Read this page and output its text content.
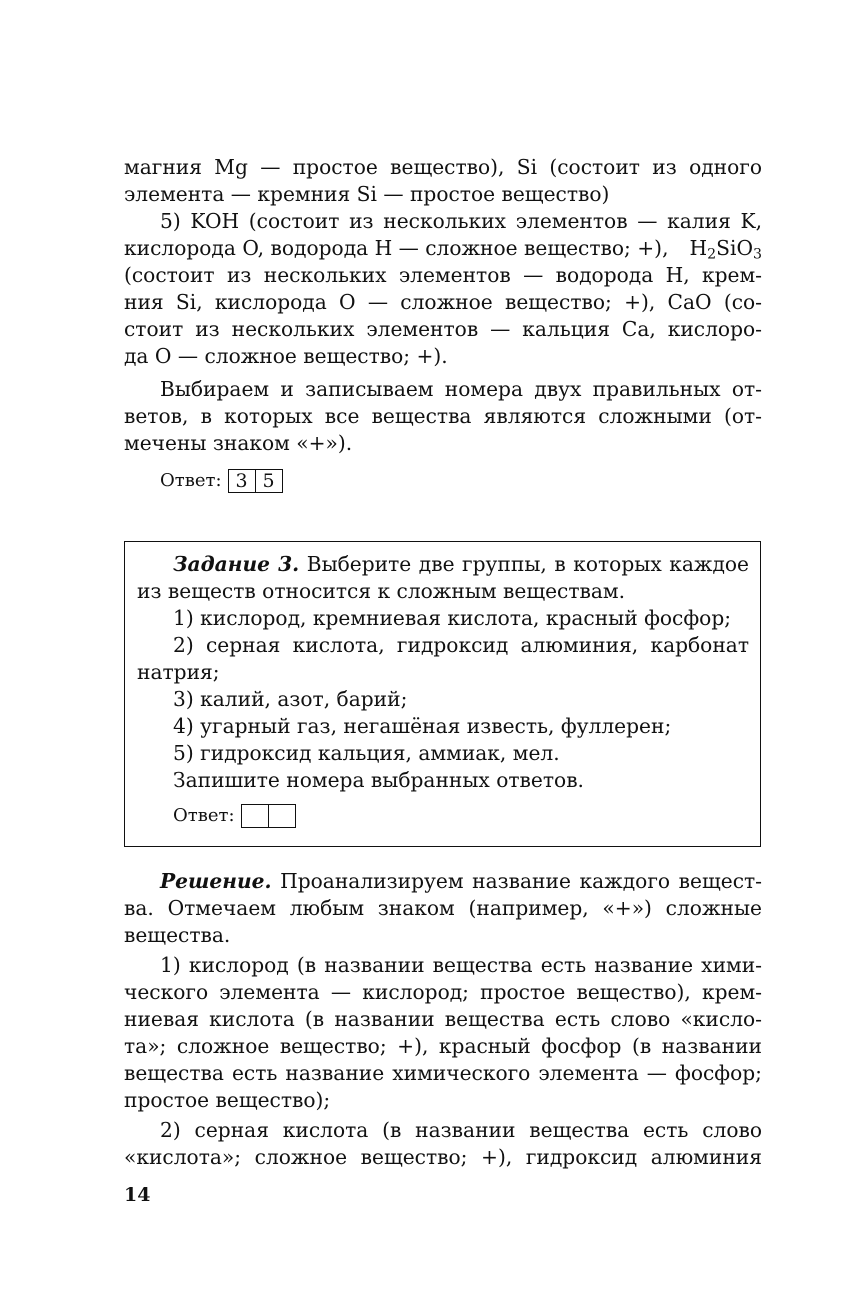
магния Mg — простое вещество), Si (состоит из одного
элемента — кремния Si — простое вещество)
5) KOH (состоит из нескольких элементов — калия K,
кислорода O, водорода H — сложное вещество; +), $H_2SiO_3$
(состоит из нескольких элементов — водорода H, крем-
ния Si, кислорода O — сложное вещество; +), CaO (со-
стоит из нескольких элементов — кальция Ca, кислоро-
да O — сложное вещество; +).
Выбираем и записываем номера двух правильных от-
ветов, в которых все вещества являются сложными (от-
мечены знаком «+»).
Ответ: 3 5
Задание 3. Выберите две группы, в которых каждое
из веществ относится к сложным веществам.
1) кислород, кремниевая кислота, красный фосфор;
2) серная кислота, гидроксид алюминия, карбонат
натрия;
3) калий, азот, барий;
4) угарный газ, негашёная известь, фуллерен;
5) гидроксид кальция, аммиак, мел.
Запишите номера выбранных ответов.
Ответ:
Решение. Проанализируем название каждого вещест-
ва. Отмечаем любым знаком (например, «+») сложные
вещества.
1) кислород (в названии вещества есть название хими-
ческого элемента — кислород; простое вещество), крем-
ниевая кислота (в названии вещества есть слово «кисло-
та»; сложное вещество; +), красный фосфор (в названии
вещества есть название химического элемента — фосфор;
простое вещество);
2) серная кислота (в названии вещества есть слово
«кислота»; сложное вещество; +), гидроксид алюминия
14
